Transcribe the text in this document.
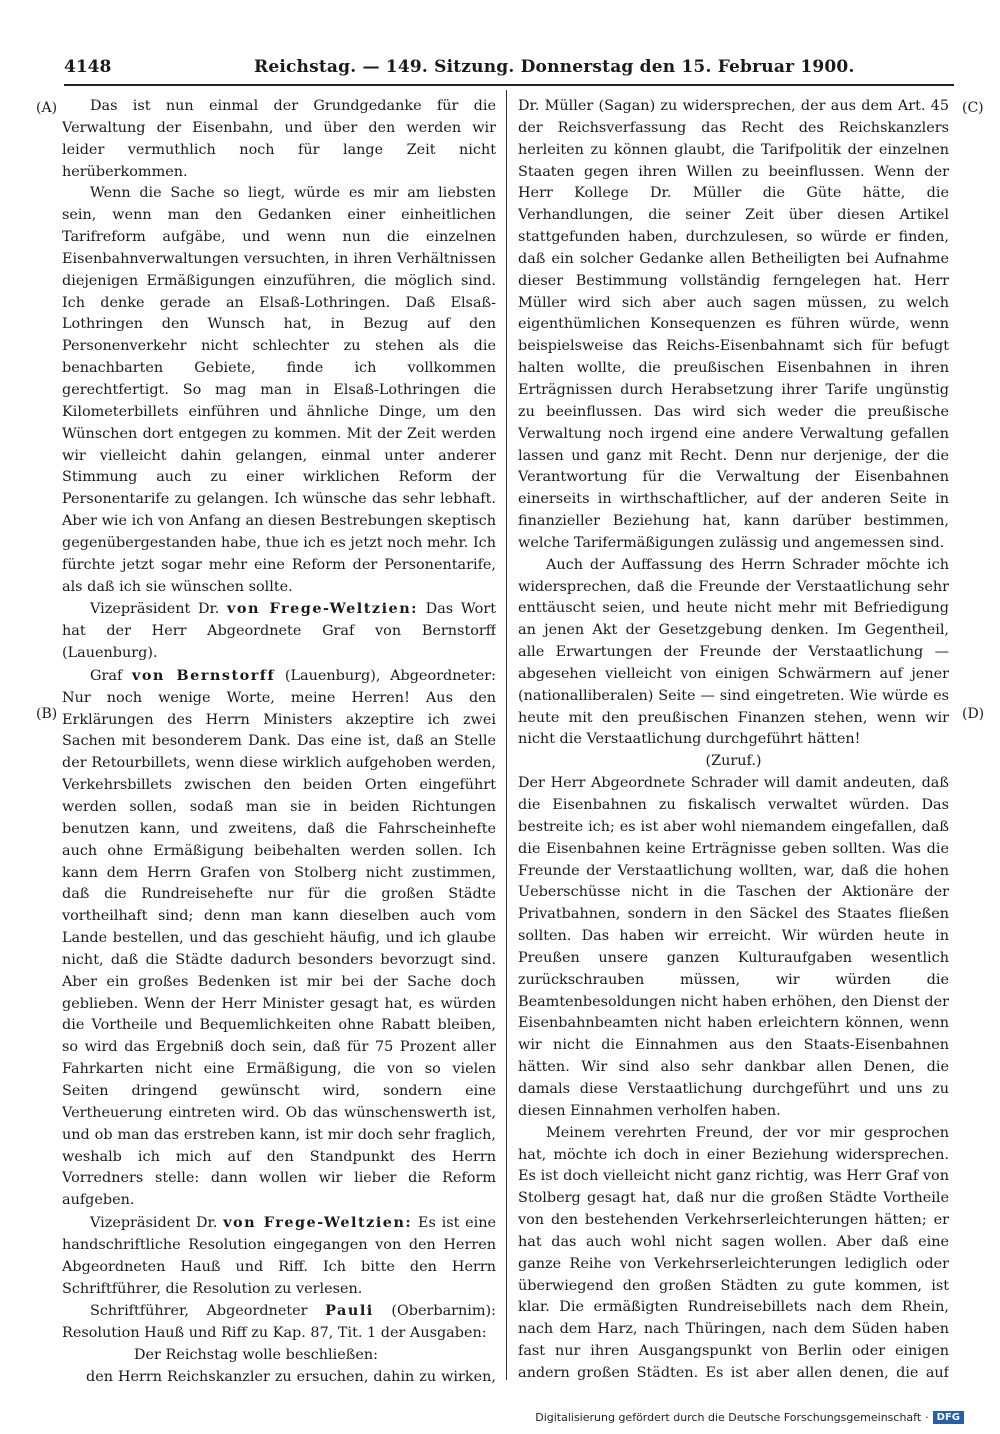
4148	Reichstag. — 149. Sitzung. Donnerstag den 15. Februar 1900.
(A)
(B)
(C)
(D)

Das ist nun einmal der Grundgedanke für die Verwaltung der Eisenbahn, und über den werden wir leider vermuthlich noch für lange Zeit nicht herüberkommen.

Wenn die Sache so liegt, würde es mir am liebsten sein, wenn man den Gedanken einer einheitlichen Tarifreform aufgäbe, und wenn nun die einzelnen Eisenbahnverwaltungen versuchten, in ihren Verhältnissen diejenigen Ermäßigungen einzuführen, die möglich sind. Ich denke gerade an Elsaß-Lothringen. Daß Elsaß-Lothringen den Wunsch hat, in Bezug auf den Personenverkehr nicht schlechter zu stehen als die benachbarten Gebiete, finde ich vollkommen gerechtfertigt. So mag man in Elsaß-Lothringen die Kilometerbillets einführen und ähnliche Dinge, um den Wünschen dort entgegen zu kommen. Mit der Zeit werden wir vielleicht dahin gelangen, einmal unter anderer Stimmung auch zu einer wirklichen Reform der Personentarife zu gelangen. Ich wünsche das sehr lebhaft. Aber wie ich von Anfang an diesen Bestrebungen skeptisch gegenübergestanden habe, thue ich es jetzt noch mehr. Ich fürchte jetzt sogar mehr eine Reform der Personentarife, als daß ich sie wünschen sollte.

Vizepräsident Dr. von Frege-Weltzien: Das Wort hat der Herr Abgeordnete Graf von Bernstorff (Lauenburg).

Graf von Bernstorff (Lauenburg), Abgeordneter: Nur noch wenige Worte, meine Herren! Aus den Erklärungen des Herrn Ministers akzeptire ich zwei Sachen mit besonderem Dank. Das eine ist, daß an Stelle der Retourbillets, wenn diese wirklich aufgehoben werden, Verkehrsbillets zwischen den beiden Orten eingeführt werden sollen, sodaß man sie in beiden Richtungen benutzen kann, und zweitens, daß die Fahrscheinhefte auch ohne Ermäßigung beibehalten werden sollen. Ich kann dem Herrn Grafen von Stolberg nicht zustimmen, daß die Rundreisehefte nur für die großen Städte vortheilhaft sind; denn man kann dieselben auch vom Lande bestellen, und das geschieht häufig, und ich glaube nicht, daß die Städte dadurch besonders bevorzugt sind. Aber ein großes Bedenken ist mir bei der Sache doch geblieben. Wenn der Herr Minister gesagt hat, es würden die Vortheile und Bequemlichkeiten ohne Rabatt bleiben, so wird das Ergebniß doch sein, daß für 75 Prozent aller Fahrkarten nicht eine Ermäßigung, die von so vielen Seiten dringend gewünscht wird, sondern eine Vertheuerung eintreten wird. Ob das wünschenswerth ist, und ob man das erstreben kann, ist mir doch sehr fraglich, weshalb ich mich auf den Standpunkt des Herrn Vorredners stelle: dann wollen wir lieber die Reform aufgeben.

Vizepräsident Dr. von Frege-Weltzien: Es ist eine handschriftliche Resolution eingegangen von den Herren Abgeordneten Hauß und Riff. Ich bitte den Herrn Schriftführer, die Resolution zu verlesen.

Schriftführer, Abgeordneter Pauli (Oberbarnim): Resolution Hauß und Riff zu Kap. 87, Tit. 1 der Ausgaben:

Der Reichstag wolle beschließen:

den Herrn Reichskanzler zu ersuchen, dahin zu wirken,

Dr. Müller (Sagan) zu widersprechen, der aus dem Art. 45 der Reichsverfassung das Recht des Reichskanzlers herleiten zu können glaubt, die Tarifpolitik der einzelnen Staaten gegen ihren Willen zu beeinflussen. Wenn der Herr Kollege Dr. Müller die Güte hätte, die Verhandlungen, die seiner Zeit über diesen Artikel stattgefunden haben, durchzulesen, so würde er finden, daß ein solcher Gedanke allen Betheiligten bei Aufnahme dieser Bestimmung vollständig ferngelegen hat. Herr Müller wird sich aber auch sagen müssen, zu welch eigenthümlichen Konsequenzen es führen würde, wenn beispielsweise das Reichs-Eisenbahnamt sich für befugt halten wollte, die preußischen Eisenbahnen in ihren Erträgnissen durch Herabsetzung ihrer Tarife ungünstig zu beeinflussen. Das wird sich weder die preußische Verwaltung noch irgend eine andere Verwaltung gefallen lassen und ganz mit Recht. Denn nur derjenige, der die Verantwortung für die Verwaltung der Eisenbahnen einerseits in wirthschaftlicher, auf der anderen Seite in finanzieller Beziehung hat, kann darüber bestimmen, welche Tarifermäßigungen zulässig und angemessen sind.

Auch der Auffassung des Herrn Schrader möchte ich widersprechen, daß die Freunde der Verstaatlichung sehr enttäuscht seien, und heute nicht mehr mit Befriedigung an jenen Akt der Gesetzgebung denken. Im Gegentheil, alle Erwartungen der Freunde der Verstaatlichung — abgesehen vielleicht von einigen Schwärmern auf jener (nationalliberalen) Seite — sind eingetreten. Wie würde es heute mit den preußischen Finanzen stehen, wenn wir nicht die Verstaatlichung durchgeführt hätten!

(Zuruf.)

Der Herr Abgeordnete Schrader will damit andeuten, daß die Eisenbahnen zu fiskalisch verwaltet würden. Das bestreite ich; es ist aber wohl niemandem eingefallen, daß die Eisenbahnen keine Erträgnisse geben sollten. Was die Freunde der Verstaatlichung wollten, war, daß die hohen Ueberschüsse nicht in die Taschen der Aktionäre der Privatbahnen, sondern in den Säckel des Staates fließen sollten. Das haben wir erreicht. Wir würden heute in Preußen unsere ganzen Kulturaufgaben wesentlich zurückschrauben müssen, wir würden die Beamtenbesoldungen nicht haben erhöhen, den Dienst der Eisenbahnbeamten nicht haben erleichtern können, wenn wir nicht die Einnahmen aus den Staats-Eisenbahnen hätten. Wir sind also sehr dankbar allen Denen, die damals diese Verstaatlichung durchgeführt und uns zu diesen Einnahmen verholfen haben.

Meinem verehrten Freund, der vor mir gesprochen hat, möchte ich doch in einer Beziehung widersprechen. Es ist doch vielleicht nicht ganz richtig, was Herr Graf von Stolberg gesagt hat, daß nur die großen Städte Vortheile von den bestehenden Verkehrserleichterungen hätten; er hat das auch wohl nicht sagen wollen. Aber daß eine ganze Reihe von Verkehrserleichterungen lediglich oder überwiegend den großen Städten zu gute kommen, ist klar. Die ermäßigten Rundreisebillets nach dem Rhein, nach dem Harz, nach Thüringen, nach dem Süden haben fast nur ihren Ausgangspunkt von Berlin oder einigen andern großen Städten. Es ist aber allen denen, die auf

Digitalisierung gefördert durch die Deutsche Forschungsgemeinschaft · DFG
